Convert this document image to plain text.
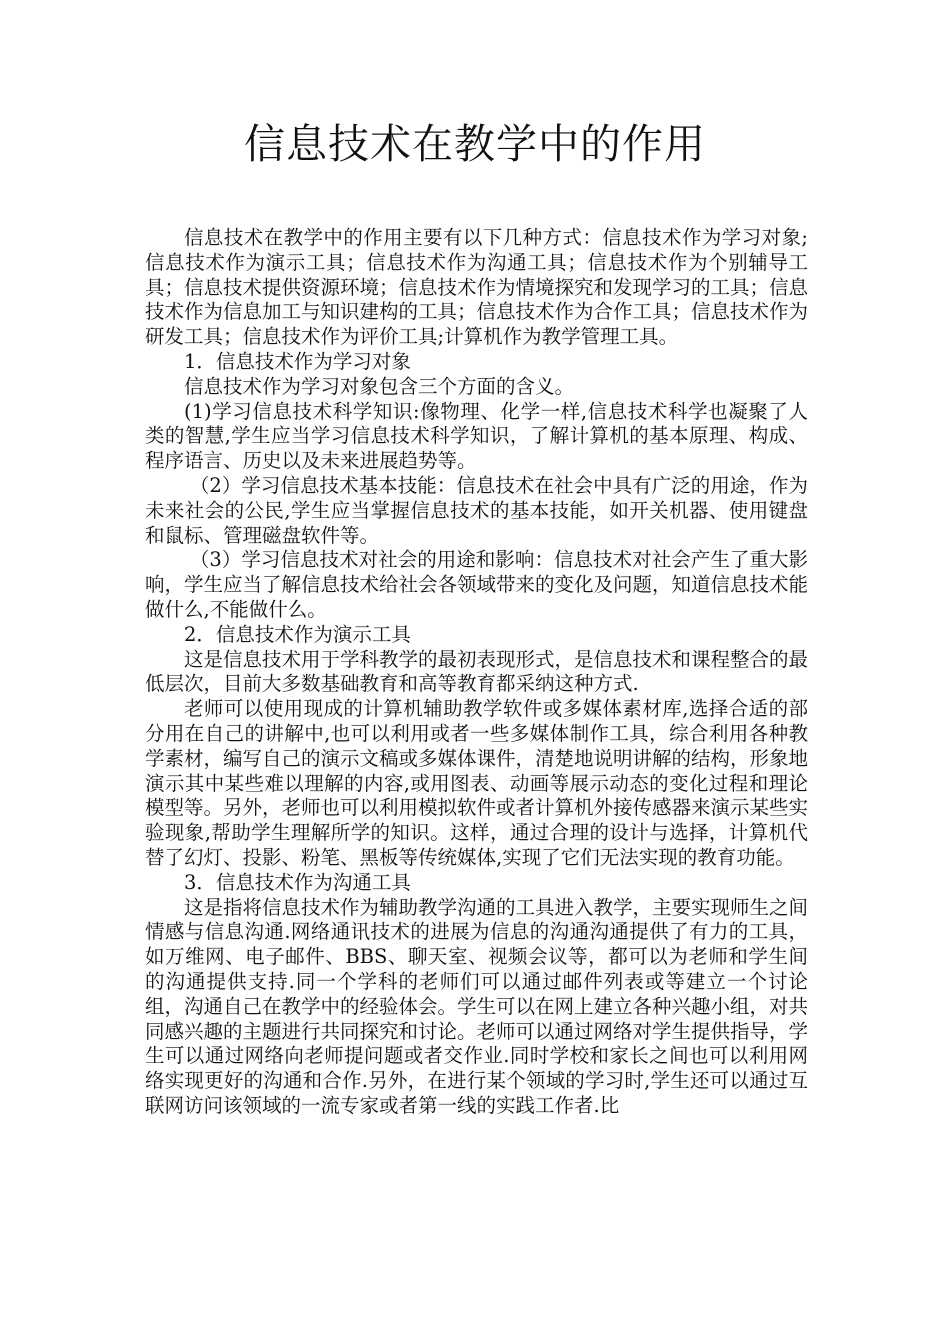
信息技术在教学中的作用

信息技术在教学中的作用主要有以下几种方式：信息技术作为学习对象;信息技术作为演示工具；信息技术作为沟通工具；信息技术作为个别辅导工具；信息技术提供资源环境；信息技术作为情境探究和发现学习的工具；信息技术作为信息加工与知识建构的工具；信息技术作为合作工具；信息技术作为研发工具；信息技术作为评价工具;计算机作为教学管理工具。

1．信息技术作为学习对象

信息技术作为学习对象包含三个方面的含义。

(1)学习信息技术科学知识:像物理、化学一样,信息技术科学也凝聚了人类的智慧,学生应当学习信息技术科学知识，了解计算机的基本原理、构成、程序语言、历史以及未来进展趋势等。

（2）学习信息技术基本技能：信息技术在社会中具有广泛的用途，作为未来社会的公民,学生应当掌握信息技术的基本技能，如开关机器、使用键盘和鼠标、管理磁盘软件等。

（3）学习信息技术对社会的用途和影响：信息技术对社会产生了重大影响，学生应当了解信息技术给社会各领域带来的变化及问题，知道信息技术能做什么,不能做什么。

2．信息技术作为演示工具

这是信息技术用于学科教学的最初表现形式，是信息技术和课程整合的最低层次，目前大多数基础教育和高等教育都采纳这种方式.

老师可以使用现成的计算机辅助教学软件或多媒体素材库,选择合适的部分用在自己的讲解中,也可以利用或者一些多媒体制作工具，综合利用各种教学素材，编写自己的演示文稿或多媒体课件，清楚地说明讲解的结构，形象地演示其中某些难以理解的内容,或用图表、动画等展示动态的变化过程和理论模型等。另外，老师也可以利用模拟软件或者计算机外接传感器来演示某些实验现象,帮助学生理解所学的知识。这样，通过合理的设计与选择，计算机代替了幻灯、投影、粉笔、黑板等传统媒体,实现了它们无法实现的教育功能。

3．信息技术作为沟通工具

这是指将信息技术作为辅助教学沟通的工具进入教学，主要实现师生之间情感与信息沟通.网络通讯技术的进展为信息的沟通沟通提供了有力的工具，如万维网、电子邮件、BBS、聊天室、视频会议等，都可以为老师和学生间的沟通提供支持.同一个学科的老师们可以通过邮件列表或等建立一个讨论组，沟通自己在教学中的经验体会。学生可以在网上建立各种兴趣小组，对共同感兴趣的主题进行共同探究和讨论。老师可以通过网络对学生提供指导，学生可以通过网络向老师提问题或者交作业.同时学校和家长之间也可以利用网络实现更好的沟通和合作.另外，在进行某个领域的学习时,学生还可以通过互联网访问该领域的一流专家或者第一线的实践工作者.比
